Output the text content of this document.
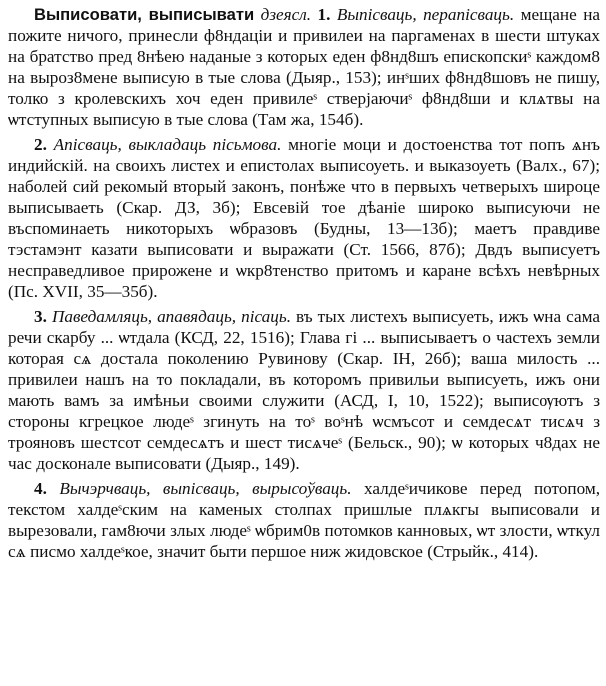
Выписовати, выписывати дзеясл. 1. Выпісваць, перапісваць. мещане на пожите ничого, принесли ф8ндаціи и привилеи на паргаменах в шести штуках на братство пред 8нѣею наданые з которых еден ф8нд8шъ епископскиˢ каждом8 на выроз8мене выписую в тые слова (Дыяр., 153); инˢших ф8нд8шовъ не пишу, толко з кролевскихъ хоч еден привилеˢ стверjaючиˢ ф8нд8ши и клѧтвы на ѡтступных выписую в тые слова (Там жа, 154б).

2. Апісваць, выкладаць пісьмова. многіе моци и достоенства тот попъ ѧнъ индийскій. на своихъ листех и епистолах выписоуеть. и выказоуеть (Валх., 67); наболей сий рекомый вторый законъ, понѣже что в первыхъ четверыхъ широце выписываеть (Скар. ДЗ, 3б); Евсевій тое дѣаніе широко выписуючи не въспоминаеть никоторыхъ ѡбразовъ (Будны, 13—13б); маетъ правдиве тэстамэнт казати выписовати и выражати (Ст. 1566, 87б); Двдъ выписуетъ несправедливое прирожене и ѡкр8тенство притомъ и каране всѣхъ невѣрных (Пс. XVII, 35—35б).

3. Паведамляць, апавядаць, пісаць. въ тых листехъ выписуеть, ижъ ѡна сама речи скарбу ... ѡтдала (КСД, 22, 1516); Глава гі ... выписываетъ о частехъ земли которая сѧ достала поколению Рувинову (Скар. ІН, 26б); ваша милость ... привилеи нашъ на то покладали, въ которомъ привильи выписуеть, ижъ они мають вамъ за имѣньи своими служити (АСД, І, 10, 1522); выписѹютъ з стороны кгрецкое людеˢ згинуть на тоˢ воˢнѣ ѡсмъсот и семдесѧт тисѧч з трояновъ шестсот семдесѧтъ и шест тисѧчеˢ (Бельск., 90); ѡ которых ч8дах не час досконале выписовати (Дыяр., 149).

4. Вычэрчваць, выпісваць, вырысоўваць. халдеˢичикове перед потопом, текстом халдеˢским на каменых столпах пришлые плѧкгы выписовали и вырезовали, гам8ючи злых людеˢ ѡбрим0в потомков канновых, ѡт злости, ѡткул сѧ писмо халдеˢкое, значит быти першое ниж жидовское (Стрыйк., 414).
